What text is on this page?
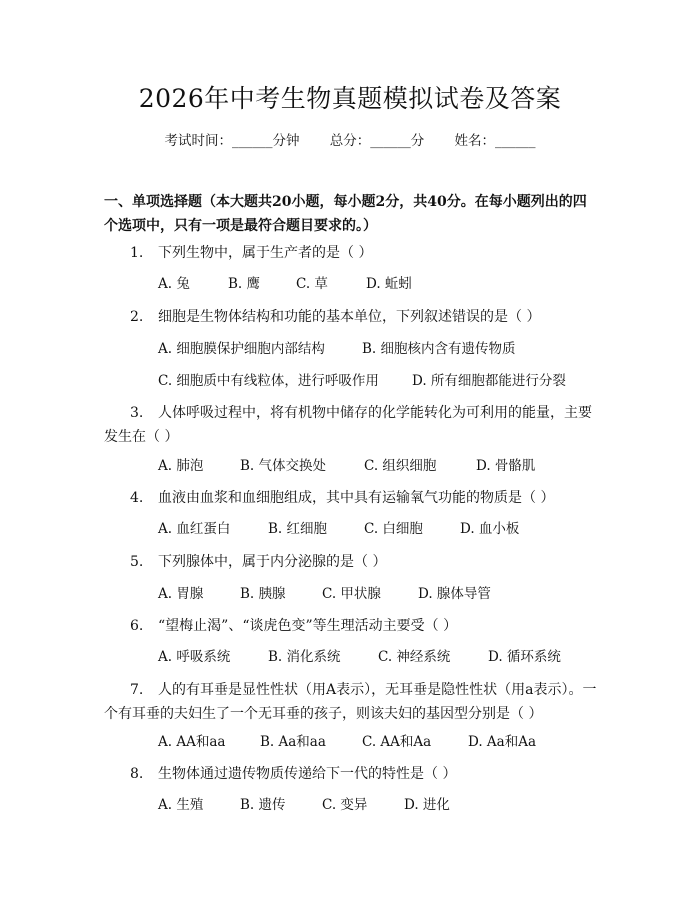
2026年中考生物真题模拟试卷及答案
考试时间：______分钟 总分：______分 姓名：______
一、单项选择题（本大题共20小题，每小题2分，共40分。在每小题列出的四个选项中，只有一项是最符合题目要求的。）
1. 下列生物中，属于生产者的是（ ）
A. 兔	B. 鹰	C. 草	D. 蚯蚓
2. 细胞是生物体结构和功能的基本单位，下列叙述错误的是（ ）
A. 细胞膜保护细胞内部结构	B. 细胞核内含有遗传物质
C. 细胞质中有线粒体，进行呼吸作用 D. 所有细胞都能进行分裂
3. 人体呼吸过程中，将有机物中储存的化学能转化为可利用的能量，主要发生在（ ）
A. 肺泡	B. 气体交换处	C. 组织细胞	D. 骨骼肌
4. 血液由血浆和血细胞组成，其中具有运输氧气功能的物质是（ ）
A. 血红蛋白	B. 红细胞	C. 白细胞	D. 血小板
5. 下列腺体中，属于内分泌腺的是（ ）
A. 胃腺	B. 胰腺	C. 甲状腺	D. 腺体导管
6. “望梅止渴”、“谈虎色变”等生理活动主要受（ ）
A. 呼吸系统	B. 消化系统	C. 神经系统	D. 循环系统
7. 人的有耳垂是显性性状（用A表示），无耳垂是隐性性状（用a表示）。一个有耳垂的夫妇生了一个无耳垂的孩子，则该夫妇的基因型分别是（ ）
A. AA和aa	B. Aa和aa	C. AA和Aa	D. Aa和Aa
8. 生物体通过遗传物质传递给下一代的特性是（ ）
A. 生殖	B. 遗传	C. 变异	D. 进化
